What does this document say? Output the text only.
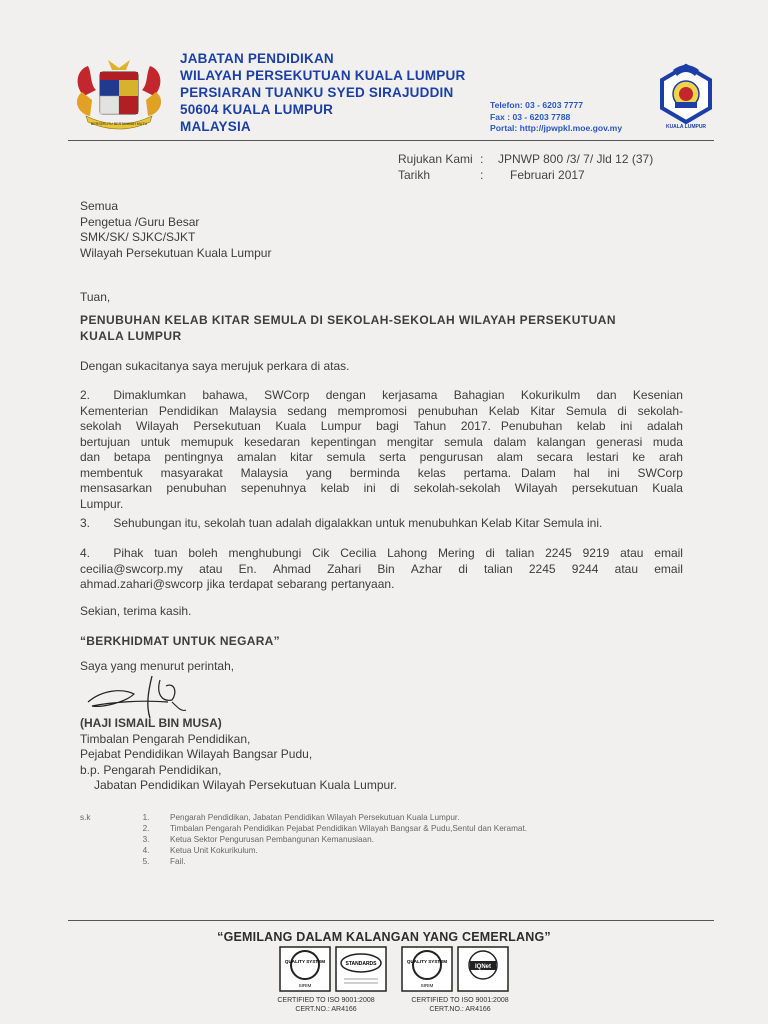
BERSEKUTU BERTAMBAH MUTU
JABATAN PENDIDIKAN
WILAYAH PERSEKUTUAN KUALA LUMPUR
PERSIARAN TUANKU SYED SIRAJUDDIN
50604 KUALA LUMPUR
MALAYSIA
Telefon: 03 - 6203 7777
Fax : 03 - 6203 7788
Portal: http://jpwpkl.moe.gov.my	KUALA LUMPUR
Rujukan Kami :	JPNWP 800 /3/ 7/ Jld 12 (37)
Tarikh	:	Februari 2017
Semua
Pengetua /Guru Besar
SMK/SK/ SJKC/SJKT
Wilayah Persekutuan Kuala Lumpur
Tuan,
PENUBUHAN KELAB KITAR SEMULA DI SEKOLAH-SEKOLAH WILAYAH PERSEKUTUAN
KUALA LUMPUR
Dengan sukacitanya saya merujuk perkara di atas.
2.       Dimaklumkan bahawa, SWCorp dengan kerjasama Bahagian Kokurikulm dan Kesenian
Kementerian Pendidikan Malaysia sedang mempromosi penubuhan Kelab Kitar Semula di sekolah-
sekolah Wilayah Persekutuan Kuala Lumpur bagi Tahun 2017.   Penubuhan kelab ini adalah
bertujuan untuk memupuk kesedaran kepentingan mengitar semula dalam kalangan generasi muda
dan betapa pentingnya amalan kitar semula serta pengurusan alam secara lestari ke arah
membentuk masyarakat Malaysia yang berminda kelas pertama.   Dalam hal ini SWCorp
mensasarkan penubuhan sepenuhnya kelab ini di sekolah-sekolah Wilayah persekutuan Kuala
Lumpur.
3.       Sehubungan itu, sekolah tuan adalah digalakkan untuk menubuhkan Kelab Kitar Semula ini.
4.       Pihak tuan boleh menghubungi Cik Cecilia Lahong Mering di talian 2245 9219 atau email
cecilia@swcorp.my atau En. Ahmad Zahari Bin Azhar di talian 2245 9244 atau email
ahmad.zahari@swcorp jika terdapat sebarang pertanyaan.
Sekian, terima kasih.
“BERKHIDMAT UNTUK NEGARA”
Saya yang menurut perintah,
(HAJI ISMAIL BIN MUSA)
Timbalan Pengarah Pendidikan,
Pejabat Pendidikan Wilayah Bangsar Pudu,
b.p. Pengarah Pendidikan,
Jabatan Pendidikan Wilayah Persekutuan Kuala Lumpur.
s.k	1.	Pengarah Pendidikan, Jabatan Pendidikan Wilayah Persekutuan Kuala Lumpur.
2.	Timbalan Pengarah Pendidikan Pejabat Pendidikan Wilayah Bangsar & Pudu,Sentul dan Keramat.
3.	Ketua Sektor Pengurusan Pembangunan Kemanusiaan.
4.	Ketua Unit Kokurikulum.
5.	Fail.
“GEMILANG DALAM KALANGAN YANG CEMERLANG”
QUALITY SYSTEM
SIRIM
STANDARDS	QUALITY SYSTEM
SIRIM
IQNet
CERTIFIED TO ISO 9001:2008
CERT.NO.: AR4166
CERTIFIED TO ISO 9001:2008
CERT.NO.: AR4166
